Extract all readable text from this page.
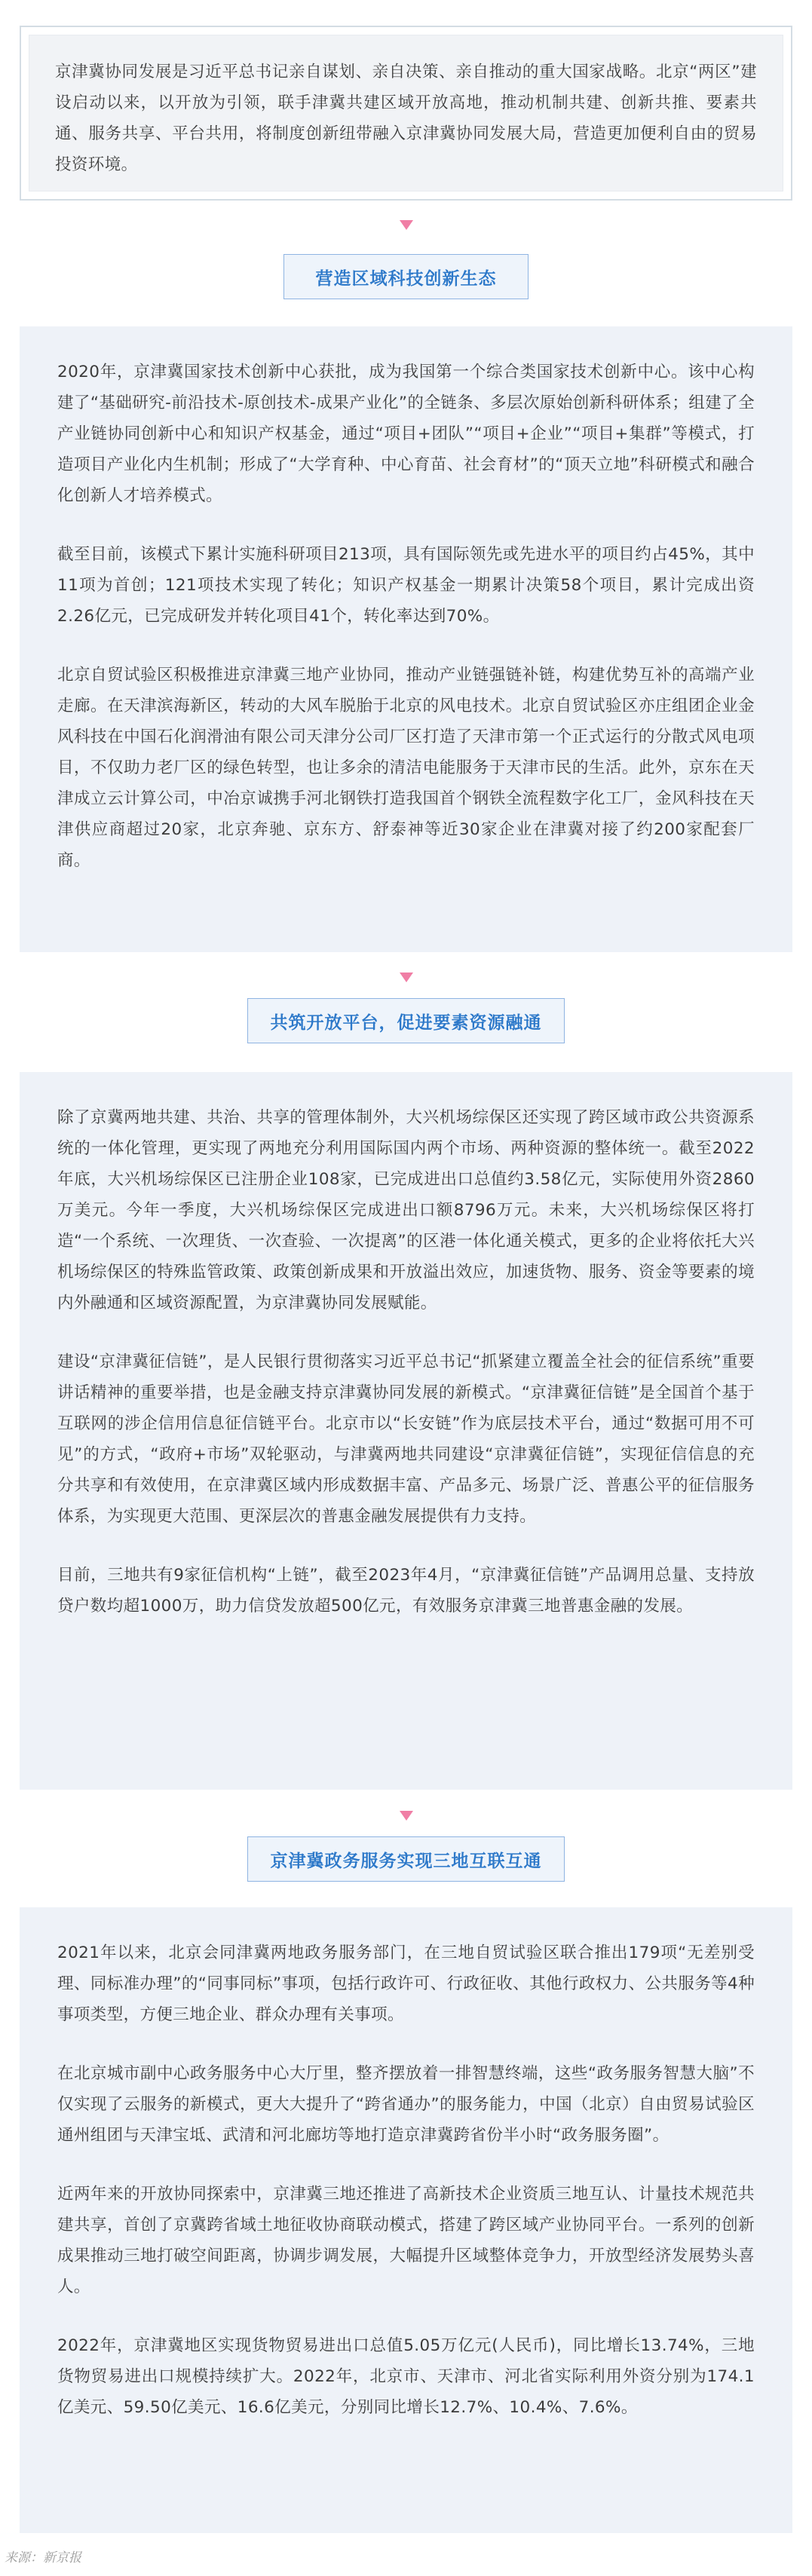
京津冀协同发展是习近平总书记亲自谋划、亲自决策、亲自推动的重大国家战略。北京“两区”建设启动以来，以开放为引领，联手津冀共建区域开放高地，推动机制共建、创新共推、要素共通、服务共享、平台共用，将制度创新纽带融入京津冀协同发展大局，营造更加便利自由的贸易投资环境。

营造区域科技创新生态

2020年，京津冀国家技术创新中心获批，成为我国第一个综合类国家技术创新中心。该中心构建了“基础研究-前沿技术-原创技术-成果产业化”的全链条、多层次原始创新科研体系；组建了全产业链协同创新中心和知识产权基金，通过“项目+团队”“项目+企业”“项目+集群”等模式，打造项目产业化内生机制；形成了“大学育种、中心育苗、社会育材”的“顶天立地”科研模式和融合化创新人才培养模式。

截至目前，该模式下累计实施科研项目213项，具有国际领先或先进水平的项目约占45%，其中11项为首创；121项技术实现了转化；知识产权基金一期累计决策58个项目，累计完成出资2.26亿元，已完成研发并转化项目41个，转化率达到70%。

北京自贸试验区积极推进京津冀三地产业协同，推动产业链强链补链，构建优势互补的高端产业走廊。在天津滨海新区，转动的大风车脱胎于北京的风电技术。北京自贸试验区亦庄组团企业金风科技在中国石化润滑油有限公司天津分公司厂区打造了天津市第一个正式运行的分散式风电项目，不仅助力老厂区的绿色转型，也让多余的清洁电能服务于天津市民的生活。此外，京东在天津成立云计算公司，中冶京诚携手河北钢铁打造我国首个钢铁全流程数字化工厂，金风科技在天津供应商超过20家，北京奔驰、京东方、舒泰神等近30家企业在津冀对接了约200家配套厂商。

共筑开放平台，促进要素资源融通

除了京冀两地共建、共治、共享的管理体制外，大兴机场综保区还实现了跨区域市政公共资源系统的一体化管理，更实现了两地充分利用国际国内两个市场、两种资源的整体统一。截至2022年底，大兴机场综保区已注册企业108家，已完成进出口总值约3.58亿元，实际使用外资2860万美元。今年一季度，大兴机场综保区完成进出口额8796万元。未来，大兴机场综保区将打造“一个系统、一次理货、一次查验、一次提离”的区港一体化通关模式，更多的企业将依托大兴机场综保区的特殊监管政策、政策创新成果和开放溢出效应，加速货物、服务、资金等要素的境内外融通和区域资源配置，为京津冀协同发展赋能。

建设“京津冀征信链”，是人民银行贯彻落实习近平总书记“抓紧建立覆盖全社会的征信系统”重要讲话精神的重要举措，也是金融支持京津冀协同发展的新模式。“京津冀征信链”是全国首个基于互联网的涉企信用信息征信链平台。北京市以“长安链”作为底层技术平台，通过“数据可用不可见”的方式，“政府+市场”双轮驱动，与津冀两地共同建设“京津冀征信链”，实现征信信息的充分共享和有效使用，在京津冀区域内形成数据丰富、产品多元、场景广泛、普惠公平的征信服务体系，为实现更大范围、更深层次的普惠金融发展提供有力支持。

目前，三地共有9家征信机构“上链”，截至2023年4月，“京津冀征信链”产品调用总量、支持放贷户数均超1000万，助力信贷发放超500亿元，有效服务京津冀三地普惠金融的发展。

京津冀政务服务实现三地互联互通

2021年以来，北京会同津冀两地政务服务部门，在三地自贸试验区联合推出179项“无差别受理、同标准办理”的“同事同标”事项，包括行政许可、行政征收、其他行政权力、公共服务等4种事项类型，方便三地企业、群众办理有关事项。

在北京城市副中心政务服务中心大厅里，整齐摆放着一排智慧终端，这些“政务服务智慧大脑”不仅实现了云服务的新模式，更大大提升了“跨省通办”的服务能力，中国（北京）自由贸易试验区通州组团与天津宝坻、武清和河北廊坊等地打造京津冀跨省份半小时“政务服务圈”。

近两年来的开放协同探索中，京津冀三地还推进了高新技术企业资质三地互认、计量技术规范共建共享，首创了京冀跨省域土地征收协商联动模式，搭建了跨区域产业协同平台。一系列的创新成果推动三地打破空间距离，协调步调发展，大幅提升区域整体竞争力，开放型经济发展势头喜人。

2022年，京津冀地区实现货物贸易进出口总值5.05万亿元(人民币)，同比增长13.74%，三地货物贸易进出口规模持续扩大。2022年，北京市、天津市、河北省实际利用外资分别为174.1亿美元、59.50亿美元、16.6亿美元，分别同比增长12.7%、10.4%、7.6%。

来源：新京报
